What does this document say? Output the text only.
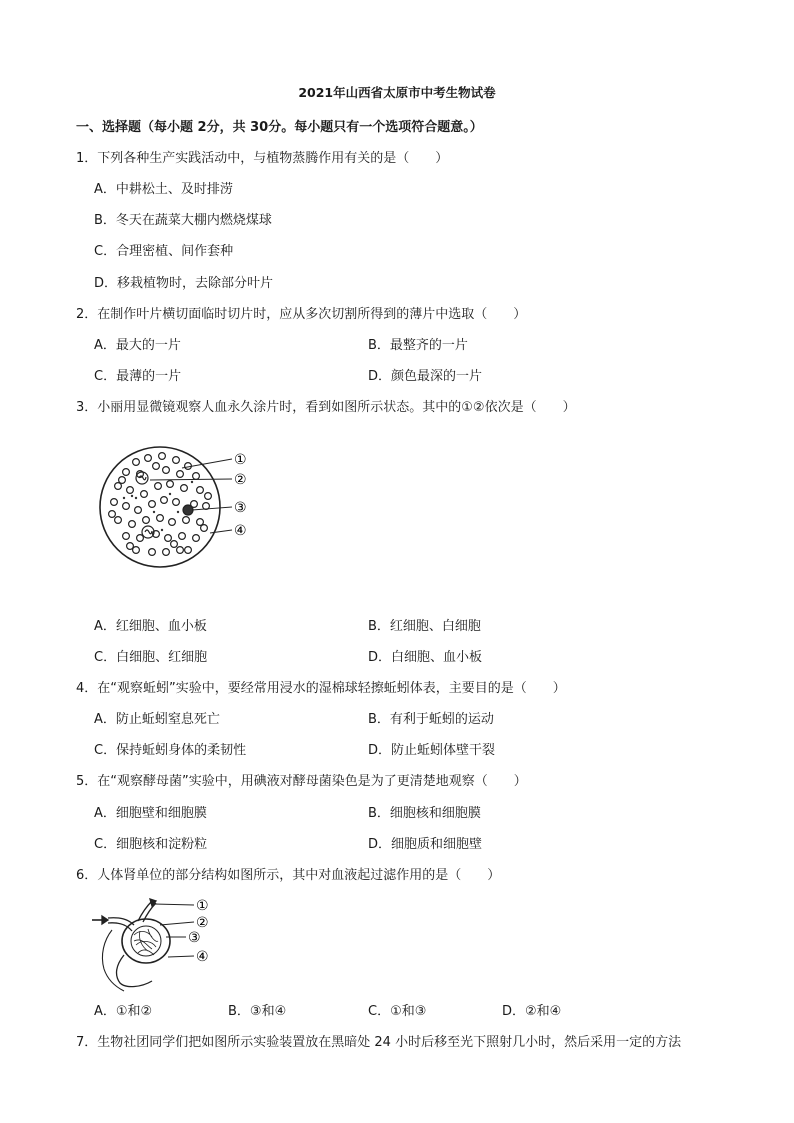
2021年山西省太原市中考生物试卷
一、选择题（每小题 2分，共 30分。每小题只有一个选项符合题意。）
1．下列各种生产实践活动中，与植物蒸腾作用有关的是（　　）
A．中耕松土、及时排涝
B．冬天在蔬菜大棚内燃烧煤球
C．合理密植、间作套种
D．移栽植物时，去除部分叶片
2．在制作叶片横切面临时切片时，应从多次切割所得到的薄片中选取（　　）
A．最大的一片	B．最整齐的一片
C．最薄的一片	D．颜色最深的一片
3．小丽用显微镜观察人血永久涂片时，看到如图所示状态。其中的①②依次是（　　）
①
②
③
④
A．红细胞、血小板	B．红细胞、白细胞
C．白细胞、红细胞	D．白细胞、血小板
4．在“观察蚯蚓”实验中，要经常用浸水的湿棉球轻擦蚯蚓体表，主要目的是（　　）
A．防止蚯蚓窒息死亡	B．有利于蚯蚓的运动
C．保持蚯蚓身体的柔韧性	D．防止蚯蚓体壁干裂
5．在“观察酵母菌”实验中，用碘液对酵母菌染色是为了更清楚地观察（　　）
A．细胞壁和细胞膜	B．细胞核和细胞膜
C．细胞核和淀粉粒	D．细胞质和细胞壁
6．人体肾单位的部分结构如图所示，其中对血液起过滤作用的是（　　）
①
②
③
④
A．①和②	B．③和④	C．①和③	D．②和④
7．生物社团同学们把如图所示实验装置放在黑暗处 24 小时后移至光下照射几小时，然后采用一定的方法
